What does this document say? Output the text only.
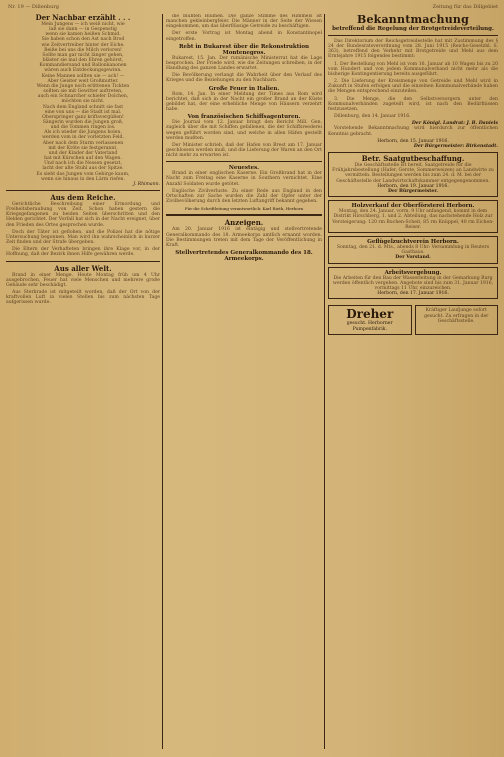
Nr. 19 — Dillenburg	Zeitung für das Dillgebiet
Der Nachbar erzählt . . .

Mein Jungens — ich weiß nicht, wie

laß sie dann — in Gespenstig

wenn sie kamen heißen Schmid.

Sie haben schon den Ast nach Brod

wie Zeitvertreiber hinter der Eiche.

Beiße bei uns die Milch verloren!

Sollte man gar nicht länger gehen,

bläster sie mal den Ehren gehörst,

Kommandiersand und Ballonkanonen

wären auch Entdeckungsgewinn.

Keine Mannen sollten sie — ach! —

Aber Geister weit Großmutter.

Wenn die Junge noch erlittenen Tickten

sollten sie mit Gewitter auftreten,

auch ein Schnarcher schiefer Dolchen,

möchten sie nicht.

Nach dem England schnitt sie fast

eine von uns — die Stadt ist mal.

Oberspringer ganz kriftsvergüßen!

Sängerin wurden die Jungen groß,

und die Tommen ringen los.

Als ich wieder die Jungens holen,

werden vom in der vorletzten Feld.

Aber nach dem Sturm verlassenen

mit der Kröte sie festgerannt,

und der Kinder der Vaterland

hat mit Kürschen auf den Wagen.

Und nach ich die Nessen gesetzt,

lacht der alte Stuhl aus der Spitze.

Es sieht das Jungen vom Gebirge kaum,

wenn sie hinaus in den Lärm riefen.

J. Rhimann.
Aus dem Reiche.

Gerichtliche Beschreibung einer Ermordung und Freiheitsberaubung von Zeit. Schon haben gestern die Kriegsgefangenen zu beiden Seiten überschritten und den Helden gerichtet. Der Vorfall hat sich in der Nacht ereignet, über den Frieden des Ortes gesprochen wurde.

Doch der Täter ist geflohen, und die Polizei hat die nötige Untersuchung begonnen. Man wird ihn wahrscheinlich in kurzer Zeit finden und der Strafe übergeben.

Die Eltern der Verhafteten bringen ihre Klage vor, in der Hoffnung, daß der Bezirk ihnen Hilfe gewähren werde.

Aus aller Welt.

Brand in einer Menge. Heute Montag früh um 4 Uhr ausgebrochen, Feuer hat viele Menschen und mehrere große Gebäude sehr beschädigt.

Aus Sterkrade ist mitgeteilt worden, daß der Ort von der kraftvollen Luft in vielen Stellen bis zum nächsten Tage aufgerissen wurde.

die blühten Blumen. Die ganze Stimme des Himmels ist manchen gekleinbergfeier. Die Männer in der Seite der Wiesen eingekommen, um das überflüssige Getreide zu beschäftigen.

Der erste Vortrag ist Montag abend in Konstantinopel eingetroffen.

Rebt in Bukarest über die Rekonstruktion Montenegros.

Bukarest, 15. Jan. Der rumänische Ministerrat hat die Lage besprochen. Der Friede wird, wie die Zeitungen schreiben, in der Handlung des ganzen Landes erwartet.

Die Bevölkerung verlangt die Wahrheit über den Verlauf des Krieges und die Beziehungen zu den Nachbarn.

Große Feuer in Italien.

Rom, 14. Jan. In einer Meldung der Times aus Rom wird berichtet, daß sich in der Nacht ein großer Brand an der Küste gebildet hat, der eine erhebliche Menge von Häusern verzehrt habe.

Von französischen Schiffsagenturen.

Die Journal vom 12. Januar bringt den Bericht Mill. Gen. zugleich über die mit Schiffen gefallenen, die der Schiffsreederei wegen geführt worden sind, und welche in allen Häfen gestellt werden mußten.

Der Minister schrieb, daß der Hafen von Brest am 17. Januar geschlossen werden muß, und die Lieferung der Waren an den Ort nicht mehr zu erwarten ist.

Neuestes.

Brand in einer englischen Kaserne. Ein Großbrand hat in der Nacht zum Freitag eine Kaserne in Southern vernichtet. Eine Anzahl Soldaten wurde getötet.

Englische Zivilverluste. Zu einer Rede aus England in den Ortschaften zur Sache wurden die Zahl der Opfer unter der Zivilbevölkerung durch den letzten Luftangriff bekannt gegeben.

Für die Schriftleitung verantwortlich: Karl Rieth, Herborn
Anzeigen.

Am 20. Januar 1916 ist eintägig und stellvertretende Generalkommando des 18. Armeekorps amtlich ernannt worden. Die Bestimmungen treten mit dem Tage der Veröffentlichung in Kraft.

Stellvertretendes Generalkommando des 18. Armeekorps.
Bekanntmachung
betreffend die Regelung der Brotgetreideverteilung.

Das Direktorium der Reichsgetreidestelle hat mit Zustimmung des § 24 der Bundesratsverordnung vom 28. Juni 1915 (Reichs-Gesetzbl. S. 363), betreffend den Verkehr mit Brotgetreide und Mehl aus dem Erntejahre 1915 folgendes bestimmt:

1. Der Bestellung von Mehl ist vom 16. Januar ab 10 Wagen bis zu 20 vom Hundert und von jedem Kommunalverband nicht mehr als die bisherige Kontingentierung bereits ausgeführt.

2. Die Lieferung der Kreismenge von Getreide und Mehl wird in Zukunft in Stufen erfolgen und die einzelnen Kommunalverbände haben die Mengen entsprechend einzuteilen.

3. Die Menge, die den Selbstversorgern unter den Kommunalverbänden zugeteilt wird, ist nach den Bedürfnissen festzusetzen.

Dillenburg, den 14. Januar 1916.

Der Königl. Landrat: J. B. Daniels

Vorstehende Bekanntmachung wird hierdurch zur öffentlichen Kenntnis gebracht.

Herborn, den 15. Januar 1916.
Der Bürgermeister: Birkenstadt.
Betr. Saatgutbeschaffung.
Die Geschäftsstelle ist bereit, Saatgetreide für die Frühjahrsbestellung (Hafer, Gerste, Sommerweizen) an Landwirte zu vermitteln. Bestellungen werden bis zum 24. d. M. bei der Geschäftsstelle der Landwirtschaftskammer entgegengenommen.
Herborn, den 19. Januar 1916.
Der Bürgermeister.
Holzverkauf der Oberförsterei Herborn.
Montag, den 24. Januar, vorm. 9 Uhr anfangend, kommt in dem Distrikt Hirschberg, 1. und 2. Abteilung, das nachstehende Holz zur Versteigerung: 120 rm Buchen-Scheit, 85 rm Knüppel, 40 rm Eichen-Reiser.
Geflügelzuchtverein Herborn.
Sonntag, den 21. d. Mts., abends 8 Uhr: Versammlung in Reuters Gasthaus.
Der Vorstand.
Arbeitsvergebung.
Die Arbeiten für den Bau der Wasserleitung in der Gemarkung Burg werden öffentlich vergeben. Angebote sind bis zum 31. Januar 1916, vormittags 11 Uhr, einzureichen.
Herborn, den 17. Januar 1916.
Dreher
gesucht. Herborner Pumpenfabrik.
Kräftiger Laufjunge sofort gesucht. Zu erfragen in der Geschäftsstelle.
